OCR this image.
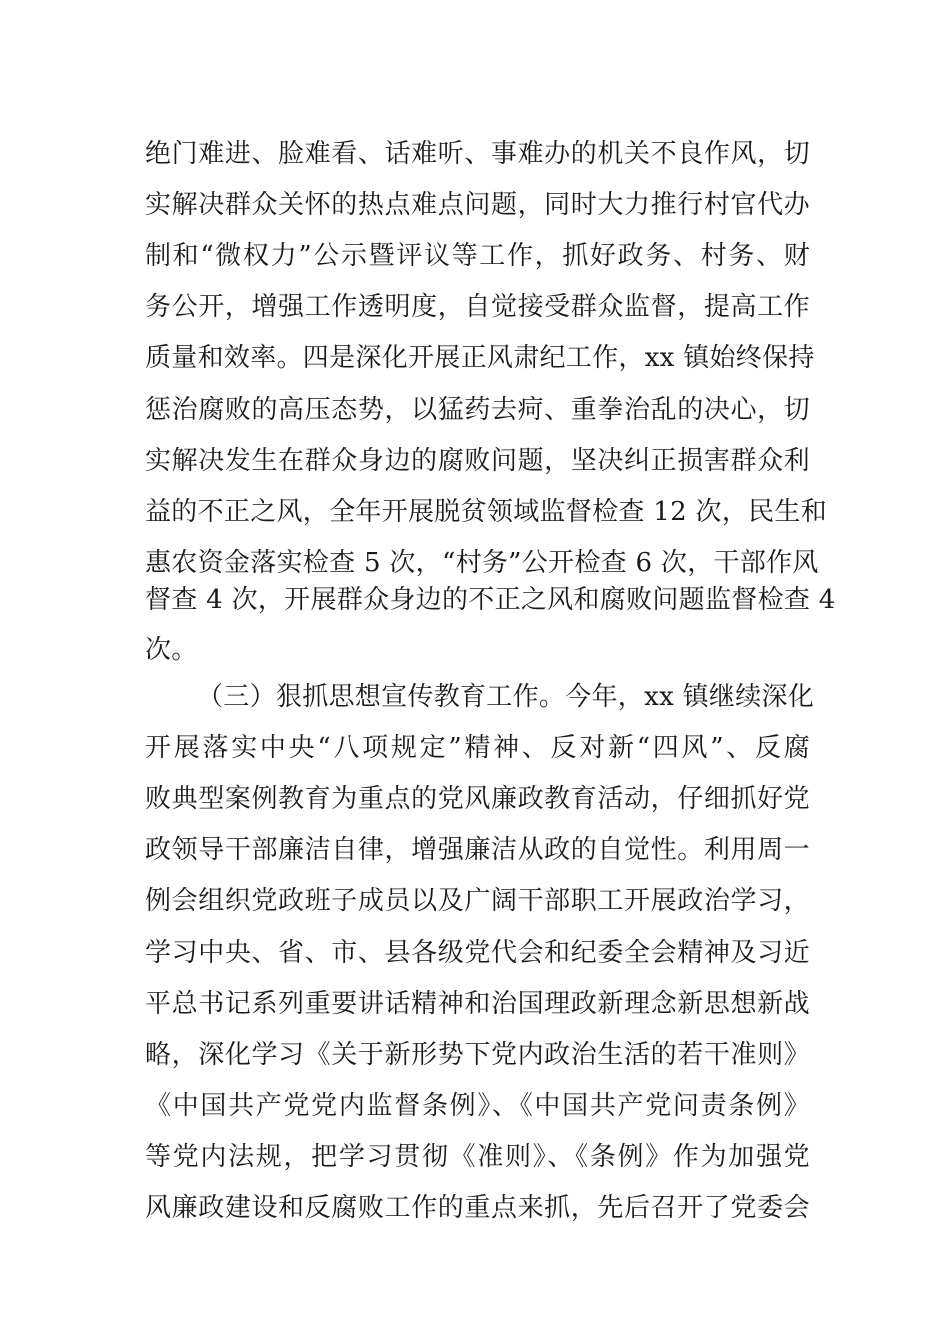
绝门难进、脸难看、话难听、事难办的机关不良作风，切
实解决群众关怀的热点难点问题，同时大力推行村官代办
制和“微权力”公示暨评议等工作，抓好政务、村务、财
务公开，增强工作透明度，自觉接受群众监督，提高工作
质量和效率。四是深化开展正风肃纪工作，xx 镇始终保持
惩治腐败的高压态势，以猛药去疴、重拳治乱的决心，切
实解决发生在群众身边的腐败问题，坚决纠正损害群众利
益的不正之风，全年开展脱贫领域监督检查 12 次，民生和
惠农资金落实检查 5 次，“村务”公开检查 6 次，干部作风
督查 4 次，开展群众身边的不正之风和腐败问题监督检查 4
次。
（三）狠抓思想宣传教育工作。今年，xx 镇继续深化
开展落实中央“八项规定”精神、反对新“四风”、反腐
败典型案例教育为重点的党风廉政教育活动，仔细抓好党
政领导干部廉洁自律，增强廉洁从政的自觉性。利用周一
例会组织党政班子成员以及广阔干部职工开展政治学习，
学习中央、省、市、县各级党代会和纪委全会精神及习近
平总书记系列重要讲话精神和治国理政新理念新思想新战
略，深化学习《关于新形势下党内政治生活的若干准则》
《中国共产党党内监督条例》、《中国共产党问责条例》
等党内法规，把学习贯彻《准则》、《条例》作为加强党
风廉政建设和反腐败工作的重点来抓，先后召开了党委会
